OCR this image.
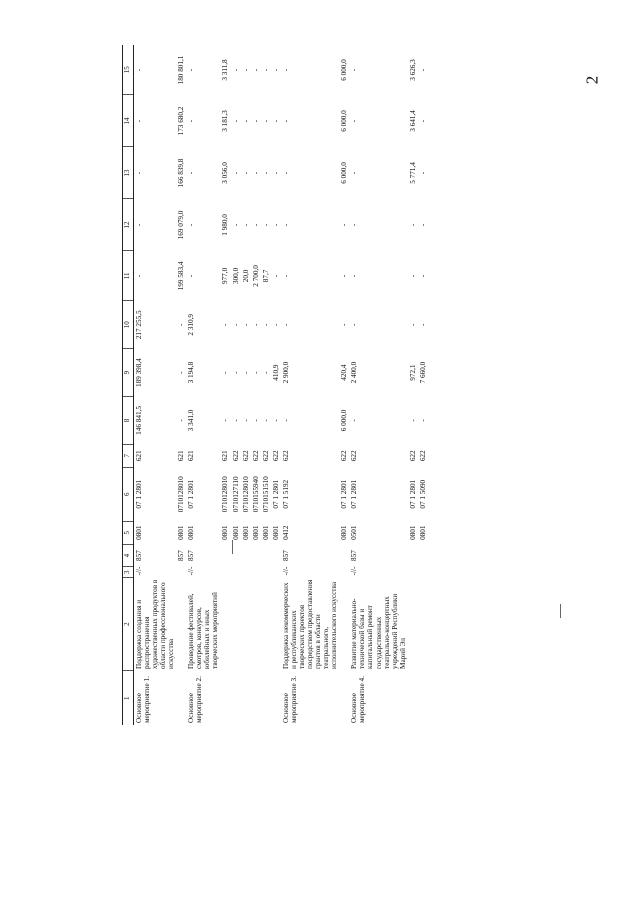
2
1	2	3	4	5	6	7	8	9	10	11	12	13	14	15
Основное мероприятие 1.	Поддержка создания и распространения художественных продуктов в области профессионального искусства	-//-	857	0801	07 1 2801	621	146 841,5	189 398,4	217 255,5	-	-	-	-	-
			857	0801	0710128010	621	-	-	-	199 583,4	169 079,0	166 839,8	173 680,2	180 801,1
Основное мероприятие 2.	Проведение фестивалей, смотров, конкурсов, юбилейных и иных творческих мероприятий	-//-	857	0801	07 1 2801	621	3 341,0	3 194,8	2 310,9	-	-	-	-	-
				0801	0710128010	621	-	-	-	977,0	1 980,0	3 056,0	3 181,3	3 311,8
				0801	0710127110	622	-	-	-	300,0	-	-	-	-
				0801	0710128010	622	-	-	-	20,0	-	-	-	-
				0801	0710155940	622	-	-	-	2 700,0	-	-	-	-
				0801	0710151510	622	-	-	-	87,7	-	-	-	-
				0801	07 1 2801	622	-	410,9	-	-	-	-	-	-
Основное мероприятие 3.	Поддержка некоммерческих и республиканских творческих проектов посредством предоставления грантов в области театрального, исполнительского искусства	-//-	857	0412	07 1 5192	622	-	2 900,0	-	-	-	-	-	-
				0801	07 1 2801	622	6 000,0	420,4	-	-	-	6 000,0	6 000,0	6 000,0
Основное мероприятие 4.	Развитие материально-технической базы и капитальный ремонт государственных театрально-концертных учреждений Республики Марий Эл	-//-	857	0501	07 1 2801	622	-	2 400,0	-	-	-	-	-	-
				0801	07 1 2801	622	-	972,1	-	-	-	5 771,4	3 641,4	3 626,3
				0801	07 1 5090	622	-	7 660,0	-	-	-	-	-	-
